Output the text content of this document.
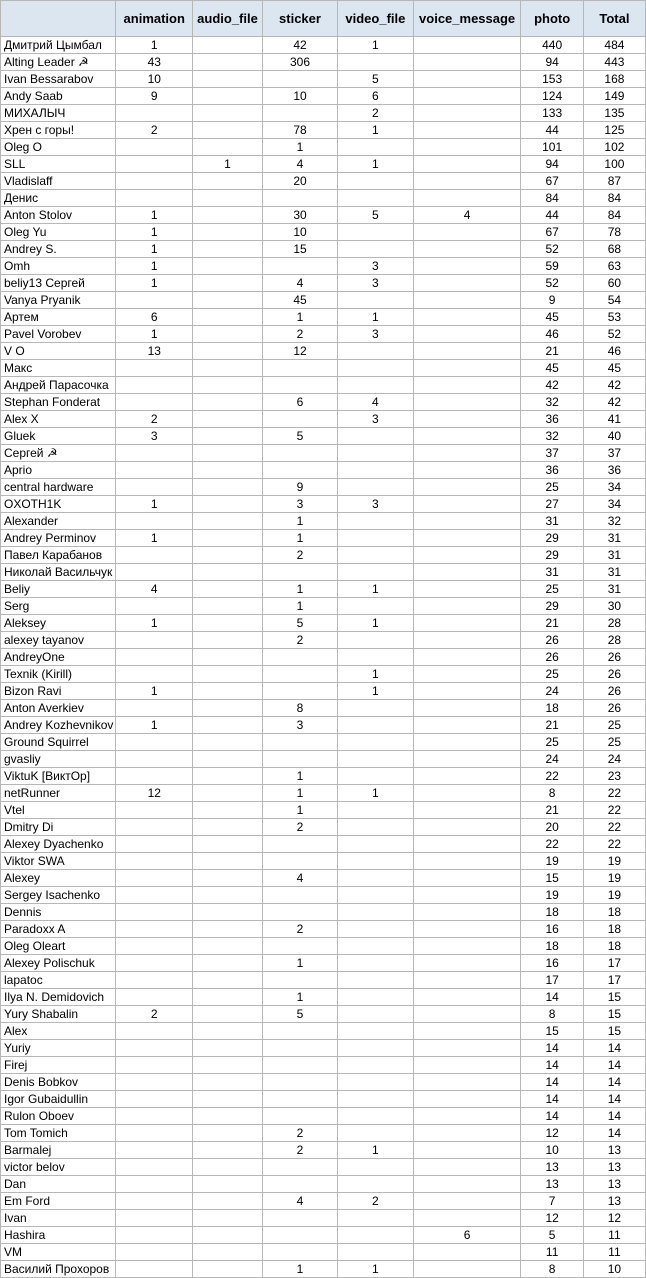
	animation	audio_file	sticker	video_file	voice_message	photo	Total
Дмитрий Цымбал	1		42	1		440	484
Alting Leader ☭	43		306			94	443
Ivan Bessarabov	10			5		153	168
Andy Saab	9		10	6		124	149
МИХАЛЫЧ				2		133	135
Хрен с горы!	2		78	1		44	125
Oleg O			1			101	102
SLL		1	4	1		94	100
Vladislaff			20			67	87
Денис						84	84
Anton Stolov	1		30	5	4	44	84
Oleg Yu	1		10			67	78
Andrey S.	1		15			52	68
Omh	1			3		59	63
beliy13 Сергей	1		4	3		52	60
Vanya Pryanik			45			9	54
Артем	6		1	1		45	53
Pavel Vorobev	1		2	3		46	52
V O	13		12			21	46
Макс						45	45
Андрей Парасочка						42	42
Stephan Fonderat			6	4		32	42
Alex X	2			3		36	41
Gluek	3		5			32	40
Сергей ☭						37	37
Aprio						36	36
central hardware			9			25	34
OXOTH1K	1		3	3		27	34
Alexander			1			31	32
Andrey Perminov	1		1			29	31
Павел Карабанов			2			29	31
Николай Васильчук						31	31
Beliy	4		1	1		25	31
Serg			1			29	30
Aleksey	1		5	1		21	28
alexey tayanov			2			26	28
AndreyOne						26	26
Texnik (Kirill)				1		25	26
Bizon Ravi	1			1		24	26
Anton Averkiev			8			18	26
Andrey Kozhevnikov	1		3			21	25
Ground Squirrel						25	25
gvasliy						24	24
ViktuK [ВиктОр]			1			22	23
netRunner	12		1	1		8	22
Vtel			1			21	22
Dmitry Di			2			20	22
Alexey Dyachenko						22	22
Viktor SWA						19	19
Alexey			4			15	19
Sergey Isachenko						19	19
Dennis						18	18
Paradoxx A			2			16	18
Oleg Oleart						18	18
Alexey Polischuk			1			16	17
lapatoc						17	17
Ilya N. Demidovich			1			14	15
Yury Shabalin	2		5			8	15
Alex						15	15
Yuriy						14	14
Firej						14	14
Denis Bobkov						14	14
Igor Gubaidullin						14	14
Rulon Oboev						14	14
Tom Tomich			2			12	14
Barmalej			2	1		10	13
victor belov						13	13
Dan						13	13
Em Ford			4	2		7	13
Ivan						12	12
Hashira					6	5	11
VM						11	11
Василий Прохоров			1	1		8	10
